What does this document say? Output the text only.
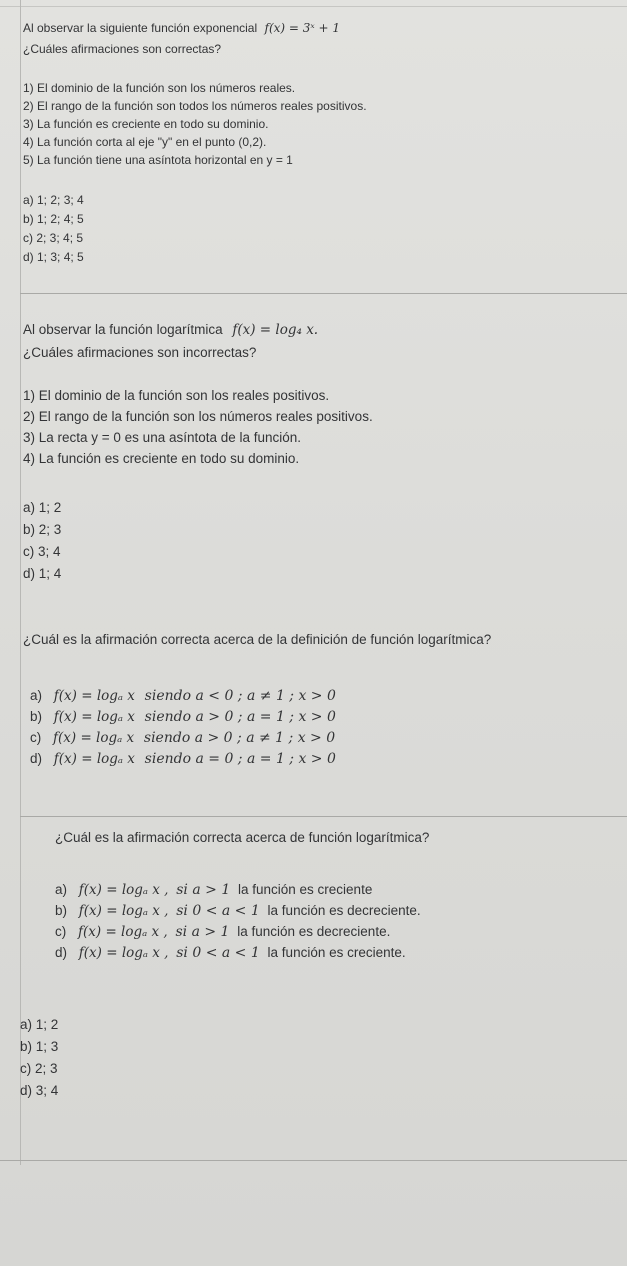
Al observar la siguiente función exponencial f(x) = 3ˣ + 1
¿Cuáles afirmaciones son correctas?
1) El dominio de la función son los números reales.
2) El rango de la función son todos los números reales positivos.
3) La función es creciente en todo su dominio.
4) La función corta al eje "y" en el punto (0,2).
5) La función tiene una asíntota horizontal en y = 1
a) 1; 2; 3; 4
b) 1; 2; 4; 5
c) 2; 3; 4; 5
d) 1; 3; 4; 5
Al observar la función logarítmica f(x) = log₄ x.
¿Cuáles afirmaciones son incorrectas?
1) El dominio de la función son los reales positivos.
2) El rango de la función son los números reales positivos.
3) La recta y = 0 es una asíntota de la función.
4) La función es creciente en todo su dominio.
a) 1; 2
b) 2; 3
c) 3; 4
d) 1; 4
¿Cuál es la afirmación correcta acerca de la definición de función logarítmica?
a) f(x) = logₐ x siendo a < 0 ; a ≠ 1 ; x > 0
b) f(x) = logₐ x siendo a > 0 ; a = 1 ; x > 0
c) f(x) = logₐ x siendo a > 0 ; a ≠ 1 ; x > 0
d) f(x) = logₐ x siendo a = 0 ; a = 1 ; x > 0
¿Cuál es la afirmación correcta acerca de función logarítmica?
a) f(x) = logₐ x , si a > 1 la función es creciente
b) f(x) = logₐ x , si 0 < a < 1 la función es decreciente.
c) f(x) = logₐ x , si a > 1 la función es decreciente.
d) f(x) = logₐ x , si 0 < a < 1 la función es creciente.
a) 1; 2
b) 1; 3
c) 2; 3
d) 3; 4
